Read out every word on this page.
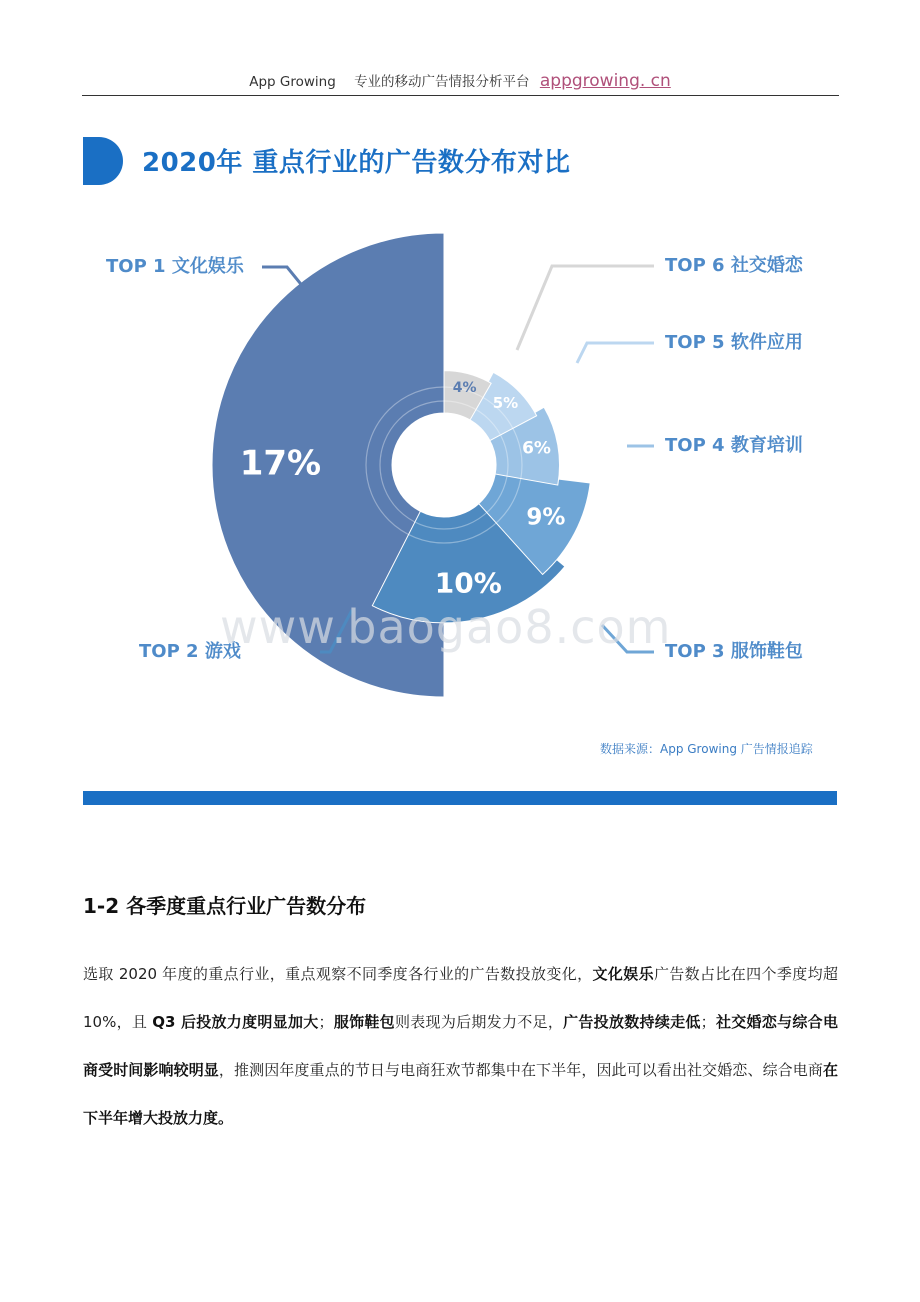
App Growing 专业的移动广告情报分析平台 appgrowing. cn
2020年 重点行业的广告数分布对比
17%
10%
9%
6%
5%
4%
TOP 1 文化娱乐
TOP 2 游戏	TOP 3 服饰鞋包
TOP 4 教育培训
TOP 5 软件应用
TOP 6 社交婚恋
www.baogao8.com
数据来源：App Growing 广告情报追踪
1-2 各季度重点行业广告数分布
选取 2020 年度的重点行业，重点观察不同季度各行业的广告数投放变化，文化娱乐广告数占比在四个季度均超 10%，且 Q3 后投放力度明显加大；服饰鞋包则表现为后期发力不足，广告投放数持续走低；社交婚恋与综合电商受时间影响较明显，推测因年度重点的节日与电商狂欢节都集中在下半年，因此可以看出社交婚恋、综合电商在下半年增大投放力度。
